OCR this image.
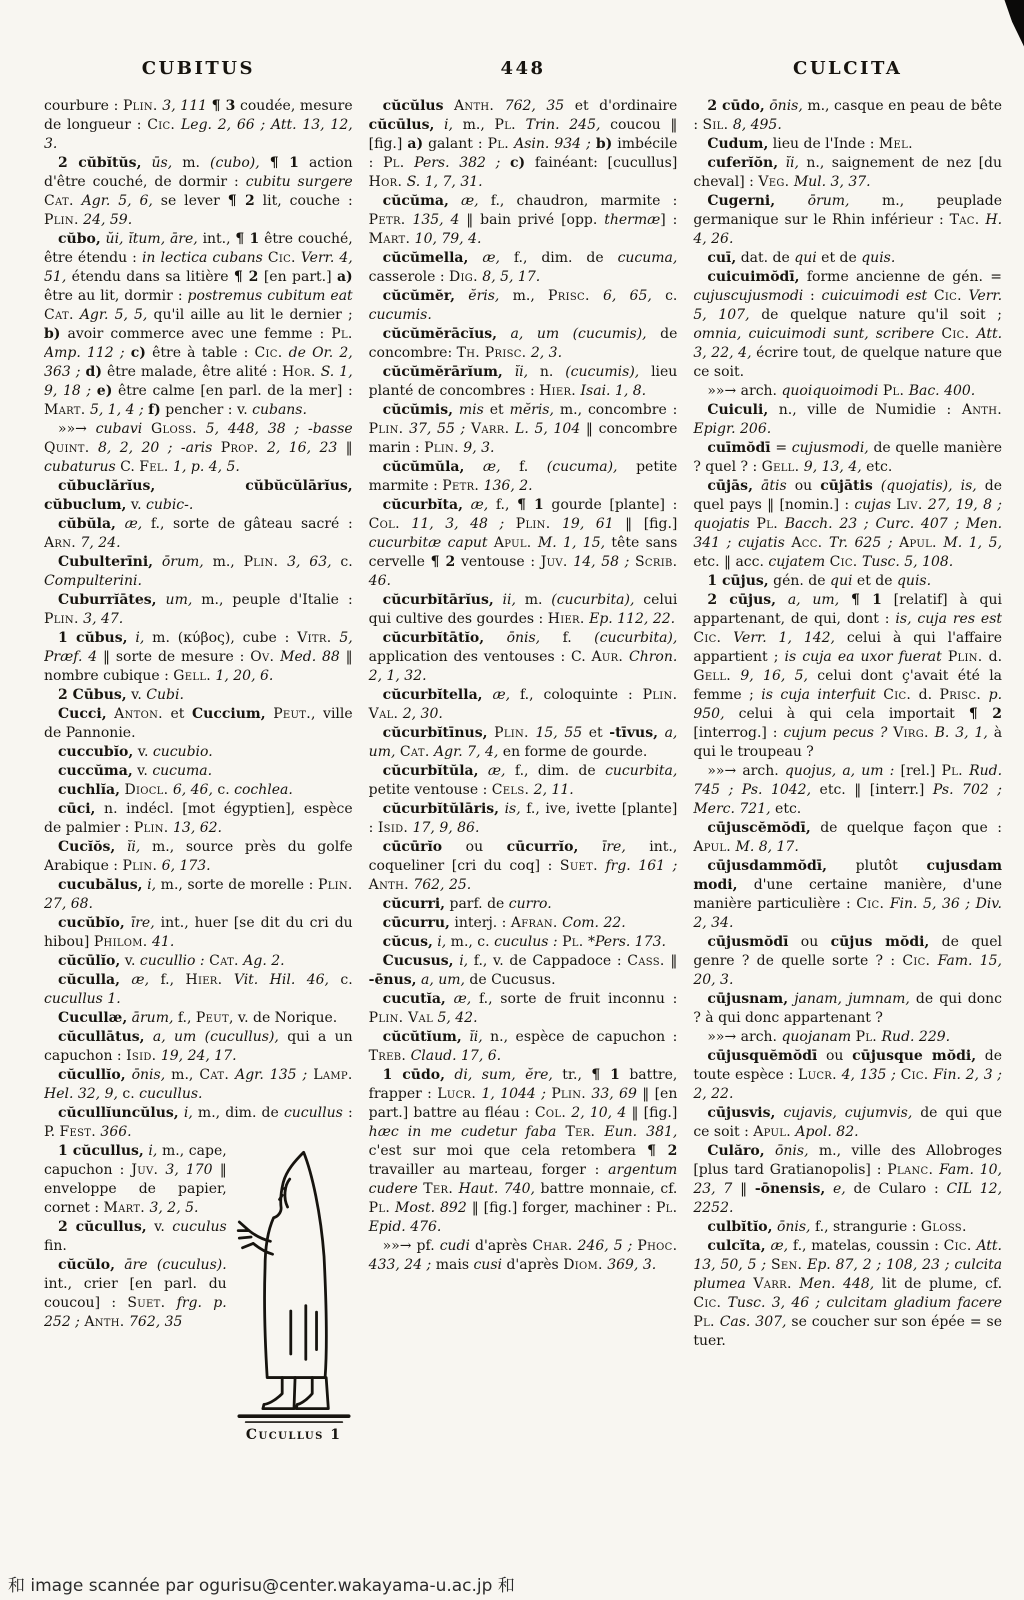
CUBITUS	448	CULCITA

courbure : Plin. 3, 111 ¶ 3 coudée, mesure de longueur : Cic. Leg. 2, 66 ; Att. 13, 12, 3.

2 cŭbĭtŭs, ūs, m. (cubo), ¶ 1 action d'être couché, de dormir : cubitu surgere Cat. Agr. 5, 6, se lever ¶ 2 lit, couche : Plin. 24, 59.

cŭbo, ŭi, ĭtum, āre, int., ¶ 1 être couché, être étendu : in lectica cubans Cic. Verr. 4, 51, étendu dans sa litière ¶ 2 [en part.] a) être au lit, dormir : postremus cubitum eat Cat. Agr. 5, 5, qu'il aille au lit le dernier ; b) avoir commerce avec une femme : Pl. Amp. 112 ; c) être à table : Cic. de Or. 2, 363 ; d) être malade, être alité : Hor. S. 1, 9, 18 ; e) être calme [en parl. de la mer] : Mart. 5, 1, 4 ; f) pencher : v. cubans.

»»→ cubavi Gloss. 5, 448, 38 ; -basse Quint. 8, 2, 20 ; -aris Prop. 2, 16, 23 ‖ cubaturus C. Fel. 1, p. 4, 5.

cŭbuclărĭus, cŭbŭcŭlārĭus, cŭbuclum, v. cubic-.

cŭbŭla, æ, f., sorte de gâteau sacré : Arn. 7, 24.

Cubulterīni, ōrum, m., Plin. 3, 63, c. Compulterini.

Cuburrĭātes, um, m., peuple d'Italie : Plin. 3, 47.

1 cŭbus, i, m. (κύβος), cube : Vitr. 5, Præf. 4 ‖ sorte de mesure : Ov. Med. 88 ‖ nombre cubique : Gell. 1, 20, 6.

2 Cūbus, v. Cubi.

Cucci, Anton. et Cuccium, Peut., ville de Pannonie.

cuccubĭo, v. cucubio.

cuccŭma, v. cucuma.

cuchlĭa, Diocl. 6, 46, c. cochlea.

cūci, n. indécl. [mot égyptien], espèce de palmier : Plin. 13, 62.

Cucĭŏs, ĭi, m., source près du golfe Arabique : Plin. 6, 173.

cucubălus, i, m., sorte de morelle : Plin. 27, 68.

cucŭbĭo, īre, int., huer [se dit du cri du hibou] Philom. 41.

cŭcūlĭo, v. cucullio : Cat. Ag. 2.

cŭculla, æ, f., Hier. Vit. Hil. 46, c. cucullus 1.

Cucullæ, ārum, f., Peut, v. de Norique.

cŭcullātus, a, um (cucullus), qui a un capuchon : Isid. 19, 24, 17.

cŭcullĭo, ōnis, m., Cat. Agr. 135 ; Lamp. Hel. 32, 9, c. cucullus.

cŭcullĭuncŭlus, i, m., dim. de cucullus : P. Fest. 366.

Cucullus 1

1 cŭcullus, i, m., cape, capuchon : Juv. 3, 170 ‖ enveloppe de papier, cornet : Mart. 3, 2, 5.

2 cŭcullus, v. cuculus fin.

cŭcŭlo, āre (cuculus). int., crier [en parl. du coucou] : Suet. frg. p. 252 ; Anth. 762, 35

cŭcŭlus Anth. 762, 35 et d'ordinaire cŭcūlus, i, m., Pl. Trin. 245, coucou ‖ [fig.] a) galant : Pl. Asin. 934 ; b) imbécile : Pl. Pers. 382 ; c) fainéant: [cucullus] Hor. S. 1, 7, 31.

cŭcŭma, æ, f., chaudron, marmite : Petr. 135, 4 ‖ bain privé [opp. thermæ] : Mart. 10, 79, 4.

cŭcŭmella, æ, f., dim. de cucuma, casserole : Dig. 8, 5, 17.

cŭcŭmĕr, ĕris, m., Prisc. 6, 65, c. cucumis.

cŭcŭmĕrācĭus, a, um (cucumis), de concombre: Th. Prisc. 2, 3.

cŭcŭmĕrārĭum, ĭi, n. (cucumis), lieu planté de concombres : Hier. Isai. 1, 8.

cŭcŭmis, mis et mĕris, m., concombre : Plin. 37, 55 ; Varr. L. 5, 104 ‖ concombre marin : Plin. 9, 3.

cŭcŭmŭla, æ, f. (cucuma), petite marmite : Petr. 136, 2.

cŭcurbĭta, æ, f., ¶ 1 gourde [plante] : Col. 11, 3, 48 ; Plin. 19, 61 ‖ [fig.] cucurbitæ caput Apul. M. 1, 15, tête sans cervelle ¶ 2 ventouse : Juv. 14, 58 ; Scrib. 46.

cŭcurbĭtārĭus, ii, m. (cucurbita), celui qui cultive des gourdes : Hier. Ep. 112, 22.

cŭcurbĭtātĭo, ōnis, f. (cucurbita), application des ventouses : C. Aur. Chron. 2, 1, 32.

cŭcurbĭtella, æ, f., coloquinte : Plin. Val. 2, 30.

cŭcurbĭtīnus, Plin. 15, 55 et -tīvus, a, um, Cat. Agr. 7, 4, en forme de gourde.

cŭcurbĭtŭla, æ, f., dim. de cucurbita, petite ventouse : Cels. 2, 11.

cŭcurbĭtŭlāris, is, f., ive, ivette [plante] : Isid. 17, 9, 86.

cūcūrĭo ou cūcurrĭo, īre, int., coqueliner [cri du coq] : Suet. frg. 161 ; Anth. 762, 25.

cŭcurri, parf. de curro.

cūcurru, interj. : Afran. Com. 22.

cŭcus, i, m., c. cuculus : Pl. *Pers. 173.

Cucusus, i, f., v. de Cappadoce : Cass. ‖ -ēnus, a, um, de Cucusus.

cucutĭa, æ, f., sorte de fruit inconnu : Plin. Val 5, 42.

cŭcŭtĭum, ĭi, n., espèce de capuchon : Treb. Claud. 17, 6.

1 cūdo, di, sum, ĕre, tr., ¶ 1 battre, frapper : Lucr. 1, 1044 ; Plin. 33, 69 ‖ [en part.] battre au fléau : Col. 2, 10, 4 ‖ [fig.] hæc in me cudetur faba Ter. Eun. 381, c'est sur moi que cela retombera ¶ 2 travailler au marteau, forger : argentum cudere Ter. Haut. 740, battre monnaie, cf. Pl. Most. 892 ‖ [fig.] forger, machiner : Pl. Epid. 476.

»»→ pf. cudi d'après Char. 246, 5 ; Phoc. 433, 24 ; mais cusi d'après Diom. 369, 3.

2 cūdo, ōnis, m., casque en peau de bête : Sil. 8, 495.

Cudum, lieu de l'Inde : Mel.

cuferĭŏn, ĭi, n., saignement de nez [du cheval] : Veg. Mul. 3, 37.

Cugerni, ōrum, m., peuplade germanique sur le Rhin inférieur : Tac. H. 4, 26.

cuī, dat. de qui et de quis.

cuicuimŏdī, forme ancienne de gén. = cujuscujusmodi : cuicuimodi est Cic. Verr. 5, 107, de quelque nature qu'il soit ; omnia, cuicuimodi sunt, scribere Cic. Att. 3, 22, 4, écrire tout, de quelque nature que ce soit.

»»→ arch. quoiquoimodi Pl. Bac. 400.

Cuiculi, n., ville de Numidie : Anth. Epigr. 206.

cuīmŏdī = cujusmodi, de quelle manière ? quel ? : Gell. 9, 13, 4, etc.

cūjās, ātis ou cūjātis (quojatis), is, de quel pays ‖ [nomin.] : cujas Liv. 27, 19, 8 ; quojatis Pl. Bacch. 23 ; Curc. 407 ; Men. 341 ; cujatis Acc. Tr. 625 ; Apul. M. 1, 5, etc. ‖ acc. cujatem Cic. Tusc. 5, 108.

1 cūjus, gén. de qui et de quis.

2 cūjus, a, um, ¶ 1 [relatif] à qui appartenant, de qui, dont : is, cuja res est Cic. Verr. 1, 142, celui à qui l'affaire appartient ; is cuja ea uxor fuerat Plin. d. Gell. 9, 16, 5, celui dont ç'avait été la femme ; is cuja interfuit Cic. d. Prisc. p. 950, celui à qui cela importait ¶ 2 [interrog.] : cujum pecus ? Virg. B. 3, 1, à qui le troupeau ?

»»→ arch. quojus, a, um : [rel.] Pl. Rud. 745 ; Ps. 1042, etc. ‖ [interr.] Ps. 702 ; Merc. 721, etc.

cūjuscĕmŏdī, de quelque façon que : Apul. M. 8, 17.

cūjusdammŏdī, plutôt cujusdam modi, d'une certaine manière, d'une manière particulière : Cic. Fin. 5, 36 ; Div. 2, 34.

cūjusmŏdī ou cūjus mŏdi, de quel genre ? de quelle sorte ? : Cic. Fam. 15, 20, 3.

cūjusnam, janam, jumnam, de qui donc ? à qui donc appartenant ?

»»→ arch. quojanam Pl. Rud. 229.

cūjusquĕmŏdī ou cūjusque mŏdi, de toute espèce : Lucr. 4, 135 ; Cic. Fin. 2, 3 ; 2, 22.

cūjusvis, cujavis, cujumvis, de qui que ce soit : Apul. Apol. 82.

Culăro, ōnis, m., ville des Allobroges [plus tard Gratianopolis] : Planc. Fam. 10, 23, 7 ‖ -ōnensis, e, de Cularo : CIL 12, 2252.

culbĭtĭo, ōnis, f., strangurie : Gloss.

culcĭta, æ, f., matelas, coussin : Cic. Att. 13, 50, 5 ; Sen. Ep. 87, 2 ; 108, 23 ; culcita plumea Varr. Men. 448, lit de plume, cf. Cic. Tusc. 3, 46 ; culcitam gladium facere Pl. Cas. 307, se coucher sur son épée = se tuer.

和 image scannée par ogurisu@center.wakayama-u.ac.jp 和
